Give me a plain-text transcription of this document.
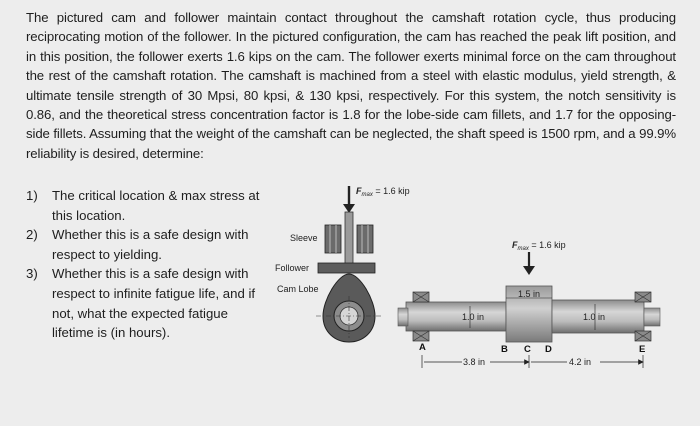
The pictured cam and follower maintain contact throughout the camshaft rotation cycle, thus producing reciprocating motion of the follower. In the pictured configuration, the cam has reached the peak lift position, and in this position, the follower exerts 1.6 kips on the cam. The follower exerts minimal force on the cam throughout the rest of the camshaft rotation. The camshaft is machined from a steel with elastic modulus, yield strength, & ultimate tensile strength of 30 Mpsi, 80 kpsi, & 130 kpsi, respectively. For this system, the notch sensitivity is 0.86, and the theoretical stress concentration factor is 1.8 for the lobe-side cam fillets, and 1.7 for the opposing-side fillets. Assuming that the weight of the camshaft can be neglected, the shaft speed is 1500 rpm, and a 99.9% reliability is desired, determine:

1)	The critical location & max stress at this location.
2)	Whether this is a safe design with respect to yielding.
3)	Whether this is a safe design with respect to infinite fatigue life, and if not, what the expected fatigue lifetime is (in hours).
$F_{max} = 1.6$ kip
Sleeve
Follower
Cam Lobe
$F_{max} = 1.6$ kip
1.5 in
1.0 in	1.0 in
A	B C D	E
3.8 in	4.2 in
